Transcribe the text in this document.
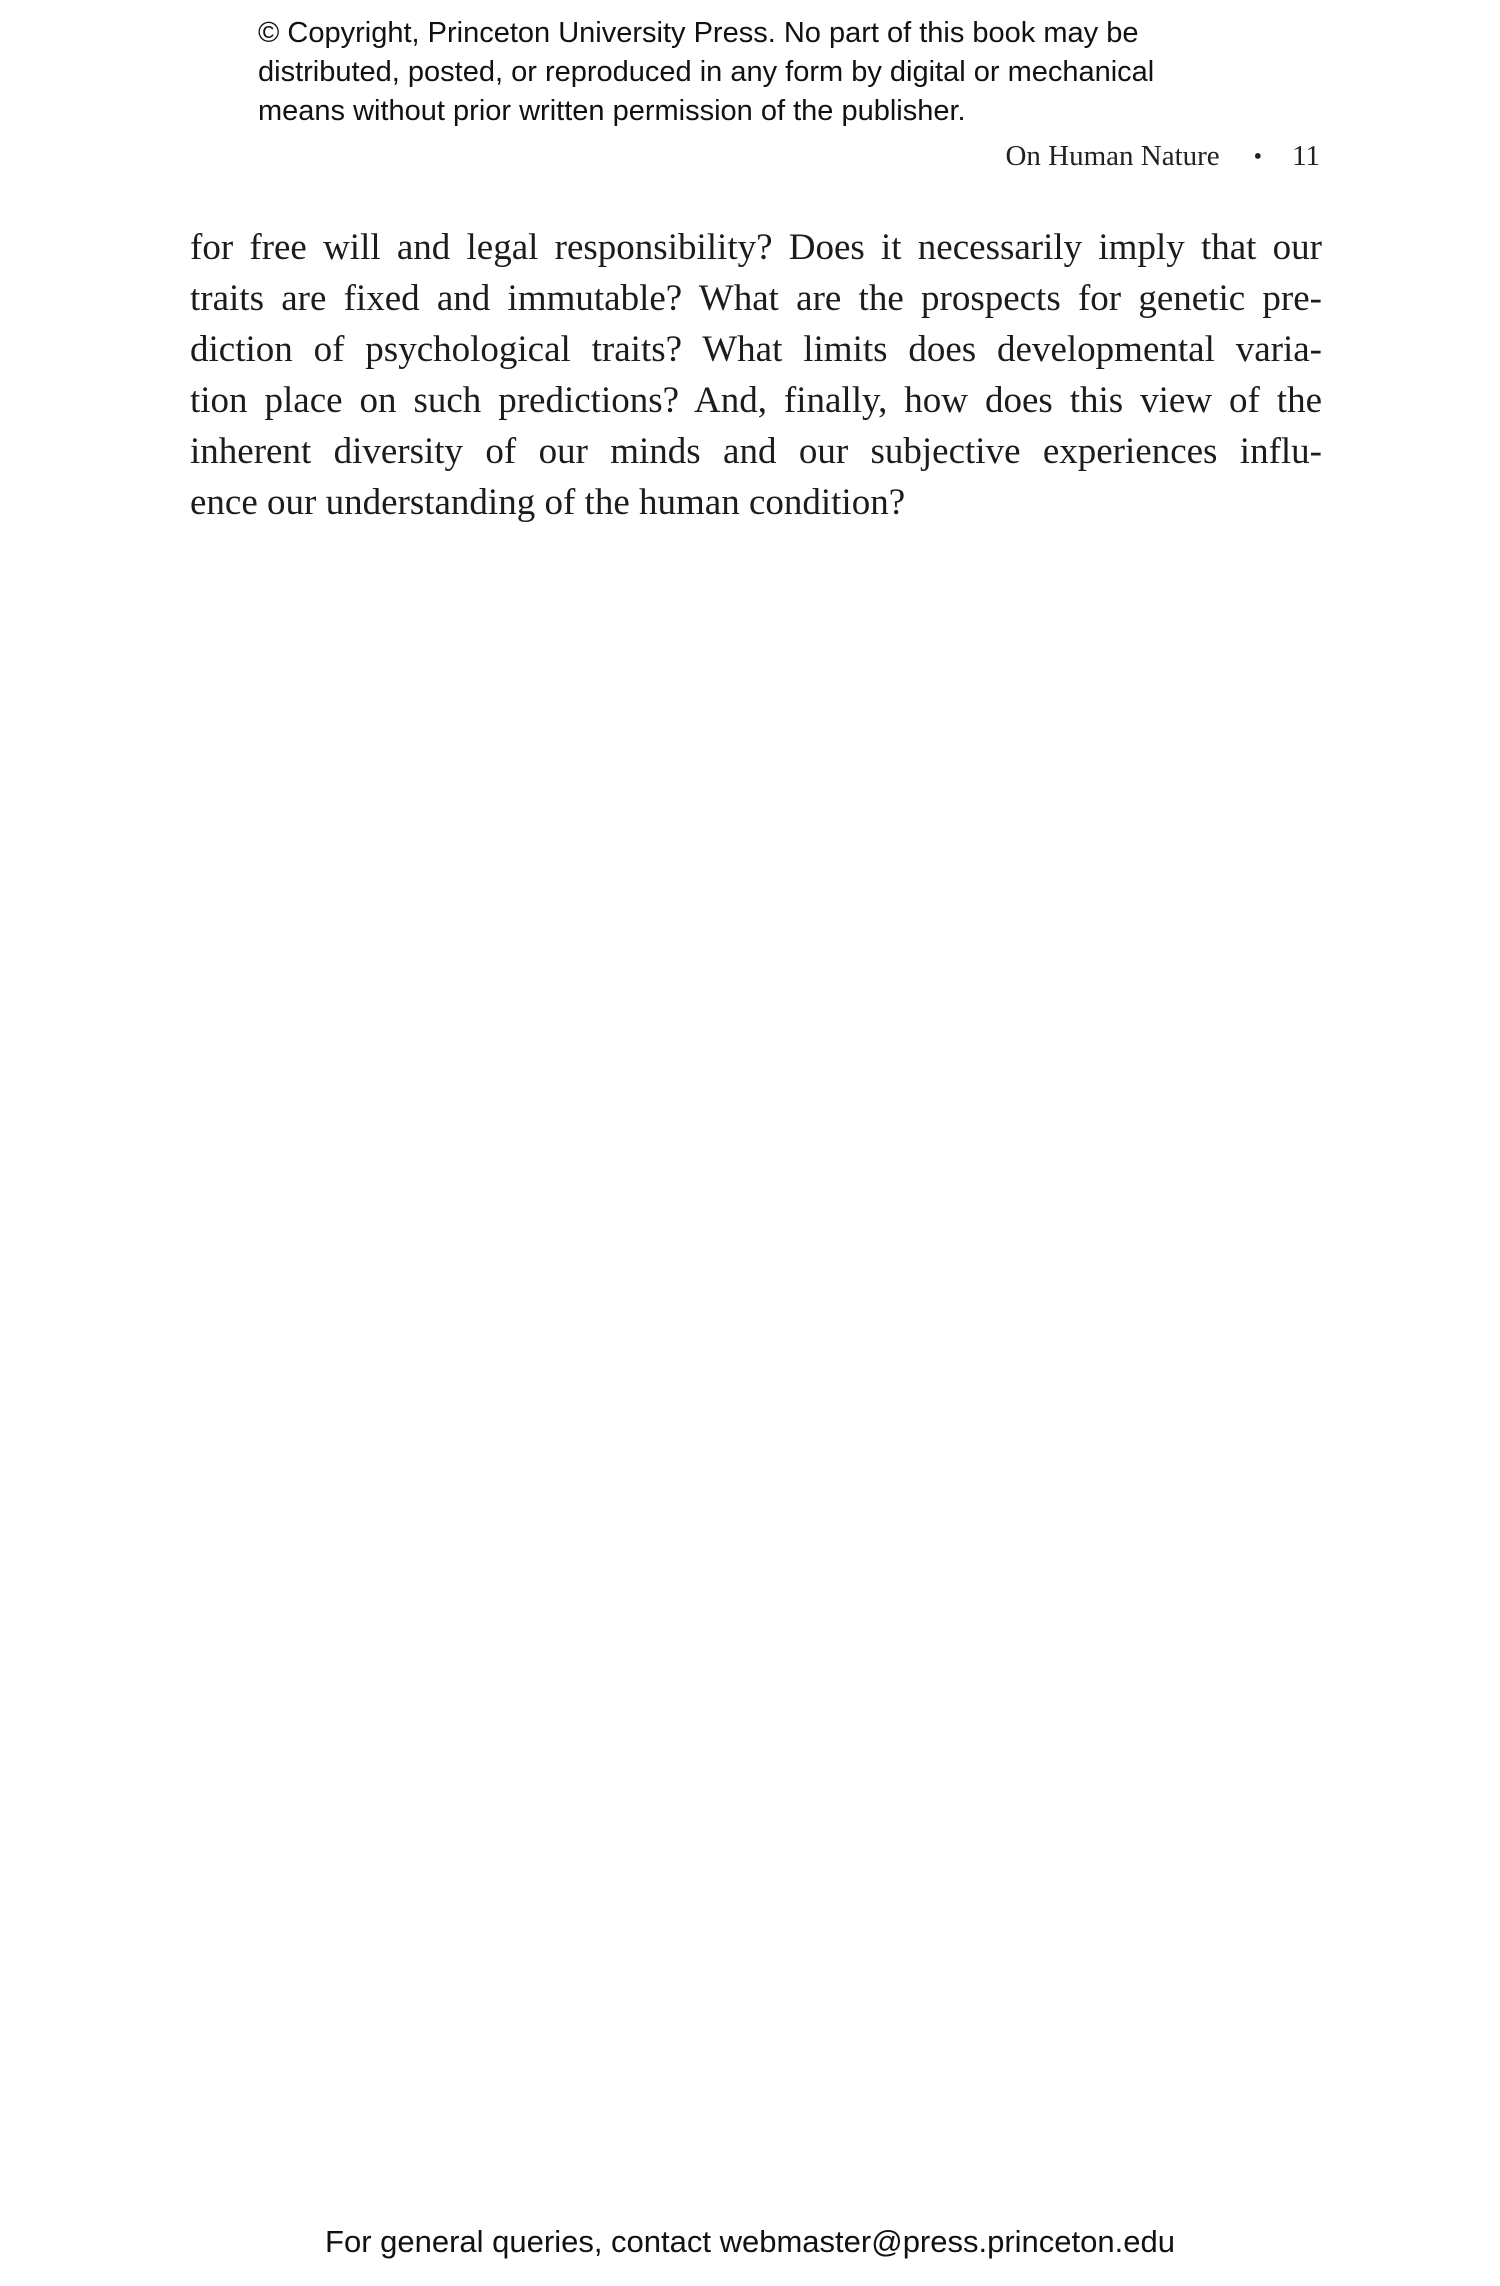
© Copyright, Princeton University Press. No part of this book may be
distributed, posted, or reproduced in any form by digital or mechanical
means without prior written permission of the publisher.
On Human Nature • 11
for free will and legal responsibility? Does it necessarily imply that our
traits are fixed and immutable? What are the prospects for genetic pre-
diction of psychological traits? What limits does developmental varia-
tion place on such predictions? And, finally, how does this view of the
inherent diversity of our minds and our subjective experiences influ-
ence our understanding of the human condition?
For general queries, contact webmaster@press.princeton.edu
